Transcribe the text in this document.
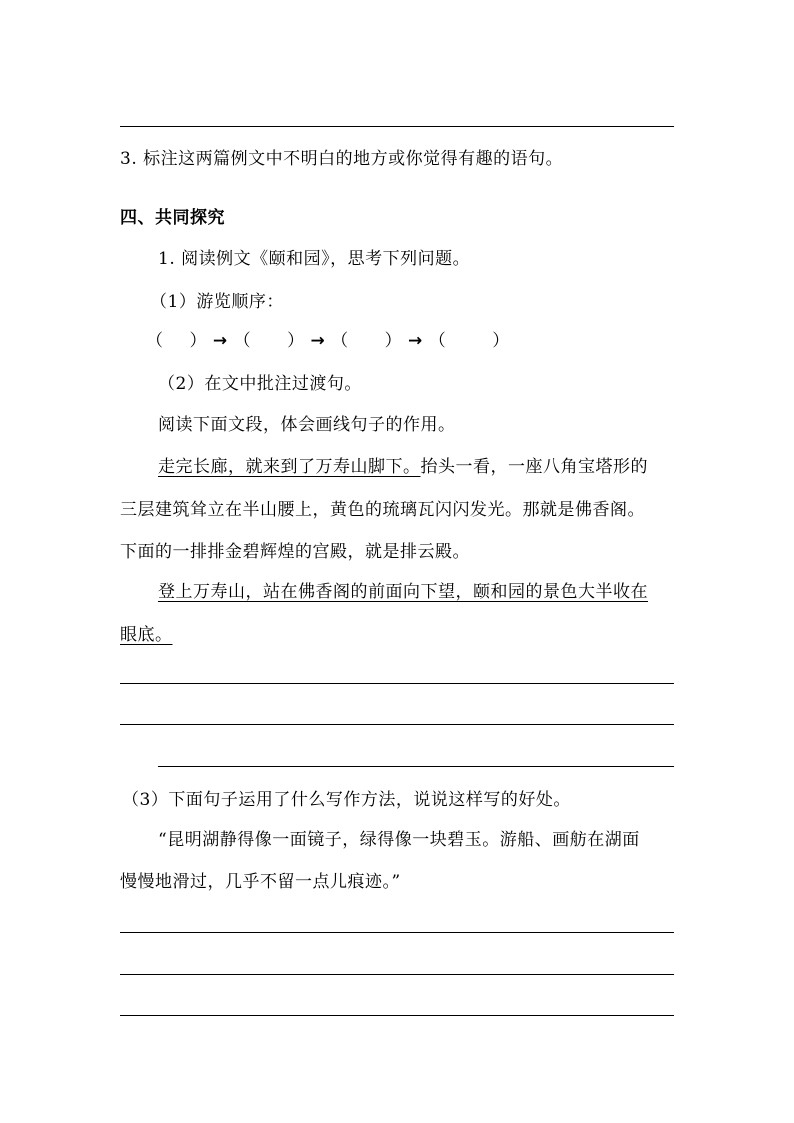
3. 标注这两篇例文中不明白的地方或你觉得有趣的语句。
四、共同探究
1. 阅读例文《颐和园》，思考下列问题。
（1）游览顺序：
（ ） → （ ） → （ ） → （	）
（2）在文中批注过渡句。
阅读下面文段，体会画线句子的作用。
走完长廊，就来到了万寿山脚下。抬头一看，一座八角宝塔形的
三层建筑耸立在半山腰上，黄色的琉璃瓦闪闪发光。那就是佛香阁。
下面的一排排金碧辉煌的宫殿，就是排云殿。
登上万寿山，站在佛香阁的前面向下望，颐和园的景色大半收在
眼底。
（3）下面句子运用了什么写作方法，说说这样写的好处。
“昆明湖静得像一面镜子，绿得像一块碧玉。游船、画舫在湖面
慢慢地滑过，几乎不留一点儿痕迹。”
